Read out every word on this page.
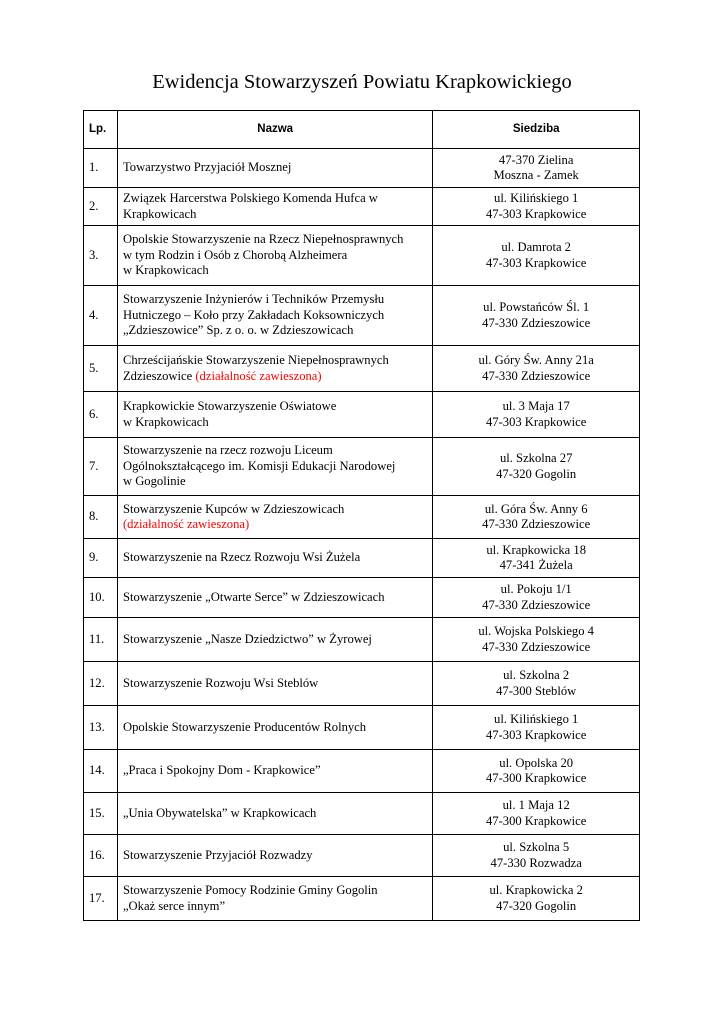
Ewidencja Stowarzyszeń Powiatu Krapkowickiego
Lp.	Nazwa	Siedziba
1.	Towarzystwo Przyjaciół Mosznej	47-370 Zielina
Moszna - Zamek

2.	Związek Harcerstwa Polskiego Komenda Hufca w
Krapkowicach	ul. Kilińskiego 1
47-303 Krapkowice

3.	Opolskie Stowarzyszenie na Rzecz Niepełnosprawnych
w tym Rodzin i Osób z Chorobą Alzheimera
w Krapkowicach	ul. Damrota 2
47-303 Krapkowice

4.	Stowarzyszenie Inżynierów i Techników Przemysłu
Hutniczego – Koło przy Zakładach Koksowniczych
„Zdzieszowice” Sp. z o. o. w Zdzieszowicach	ul. Powstańców Śl. 1
47-330 Zdzieszowice

5.	Chrześcijańskie Stowarzyszenie Niepełnosprawnych
Zdzieszowice (działalność zawieszona)	ul. Góry Św. Anny 21a
47-330 Zdzieszowice

6.	Krapkowickie Stowarzyszenie Oświatowe
w Krapkowicach	ul. 3 Maja 17
47-303 Krapkowice

7.	Stowarzyszenie na rzecz rozwoju Liceum
Ogólnokształcącego im. Komisji Edukacji Narodowej
w Gogolinie	ul. Szkolna 27
47-320 Gogolin

8.	Stowarzyszenie Kupców w Zdzieszowicach
(działalność zawieszona)	ul. Góra Św. Anny 6
47-330 Zdzieszowice

9.	Stowarzyszenie na Rzecz Rozwoju Wsi Żużela	ul. Krapkowicka 18
47-341 Żużela

10.	Stowarzyszenie „Otwarte Serce” w Zdzieszowicach	ul. Pokoju 1/1
47-330 Zdzieszowice

11.	Stowarzyszenie „Nasze Dziedzictwo” w Żyrowej	ul. Wojska Polskiego 4
47-330 Zdzieszowice

12.	Stowarzyszenie Rozwoju Wsi Steblów	ul. Szkolna 2
47-300 Steblów

13.	Opolskie Stowarzyszenie Producentów Rolnych	ul. Kilińskiego 1
47-303 Krapkowice

14.	„Praca i Spokojny Dom - Krapkowice”	ul. Opolska 20
47-300 Krapkowice

15.	„Unia Obywatelska” w Krapkowicach	ul. 1 Maja 12
47-300 Krapkowice

16.	Stowarzyszenie Przyjaciół Rozwadzy	ul. Szkolna 5
47-330 Rozwadza

17.	Stowarzyszenie Pomocy Rodzinie Gminy Gogolin
„Okaż serce innym”	ul. Krapkowicka 2
47-320 Gogolin
